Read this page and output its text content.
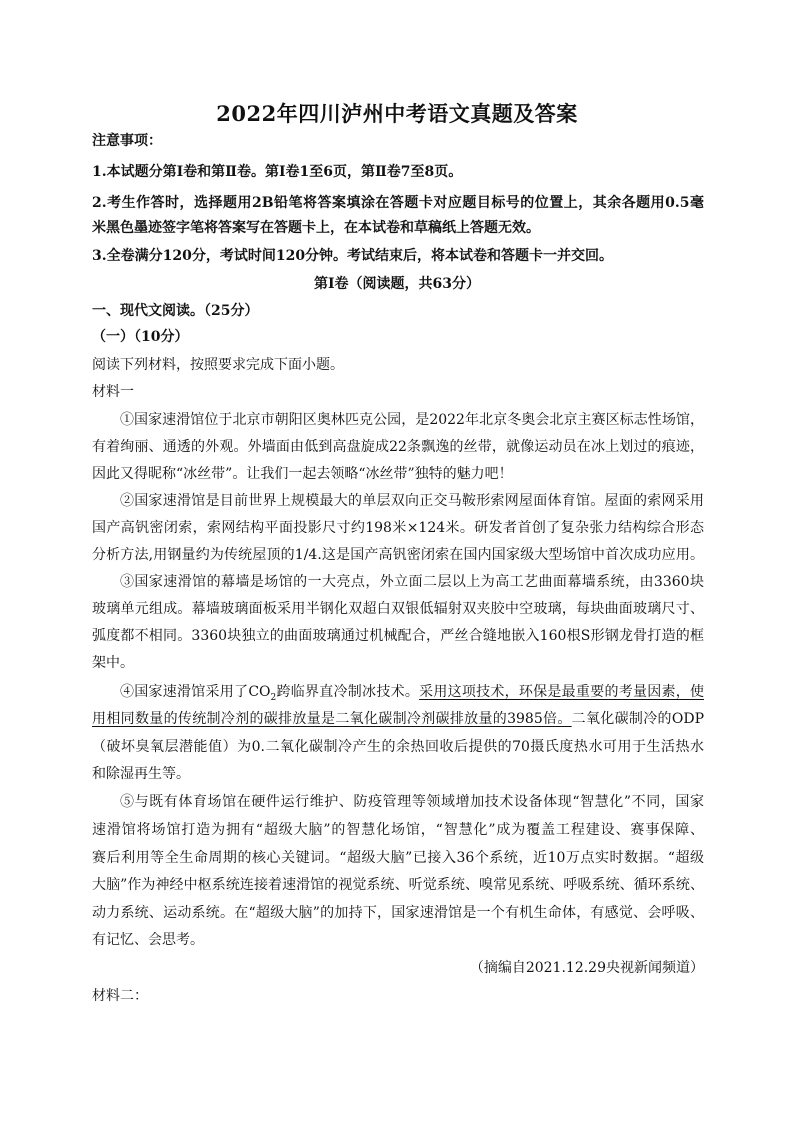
2022年四川泸州中考语文真题及答案
注意事项：
1.本试题分第Ⅰ卷和第Ⅱ卷。第Ⅰ卷1至6页，第Ⅱ卷7至8页。
2.考生作答时，选择题用2B铅笔将答案填涂在答题卡对应题目标号的位置上，其余各题用0.5毫
米黑色墨迹签字笔将答案写在答题卡上，在本试卷和草稿纸上答题无效。
3.全卷满分120分，考试时间120分钟。考试结束后，将本试卷和答题卡一并交回。
第Ⅰ卷（阅读题，共63分）
一、现代文阅读。（25分）
（一）（10分）
阅读下列材料，按照要求完成下面小题。
材料一
①国家速滑馆位于北京市朝阳区奥林匹克公园，是2022年北京冬奥会北京主赛区标志性场馆，
有着绚丽、通透的外观。外墙面由低到高盘旋成22条飘逸的丝带，就像运动员在冰上划过的痕迹，
因此又得昵称“冰丝带”。让我们一起去领略“冰丝带”独特的魅力吧！
②国家速滑馆是目前世界上规模最大的单层双向正交马鞍形索网屋面体育馆。屋面的索网采用
国产高钒密闭索，索网结构平面投影尺寸约198米×124米。研发者首创了复杂张力结构综合形态
分析方法,用钢量约为传统屋顶的1/4.这是国产高钒密闭索在国内国家级大型场馆中首次成功应用。
③国家速滑馆的幕墙是场馆的一大亮点，外立面二层以上为高工艺曲面幕墙系统，由3360块
玻璃单元组成。幕墙玻璃面板采用半钢化双超白双银低辐射双夹胶中空玻璃，每块曲面玻璃尺寸、
弧度都不相同。3360块独立的曲面玻璃通过机械配合，严丝合缝地嵌入160根S形钢龙骨打造的框
架中。
④国家速滑馆采用了$CO_2$跨临界直冷制冰技术。采用这项技术，环保是最重要的考量因素，使
用相同数量的传统制冷剂的碳排放量是二氧化碳制冷剂碳排放量的3985倍。二氧化碳制冷的ODP
（破坏臭氧层潜能值）为0.二氧化碳制冷产生的余热回收后提供的70摄氏度热水可用于生活热水
和除湿再生等。
⑤与既有体育场馆在硬件运行维护、防疫管理等领域增加技术设备体现“智慧化”不同，国家
速滑馆将场馆打造为拥有“超级大脑”的智慧化场馆，“智慧化”成为覆盖工程建设、赛事保障、
赛后利用等全生命周期的核心关键词。“超级大脑”已接入36个系统，近10万点实时数据。“超级
大脑”作为神经中枢系统连接着速滑馆的视觉系统、听觉系统、嗅常见系统、呼吸系统、循环系统、
动力系统、运动系统。在“超级大脑”的加持下，国家速滑馆是一个有机生命体，有感觉、会呼吸、
有记忆、会思考。
（摘编自2021.12.29央视新闻频道）
材料二：
